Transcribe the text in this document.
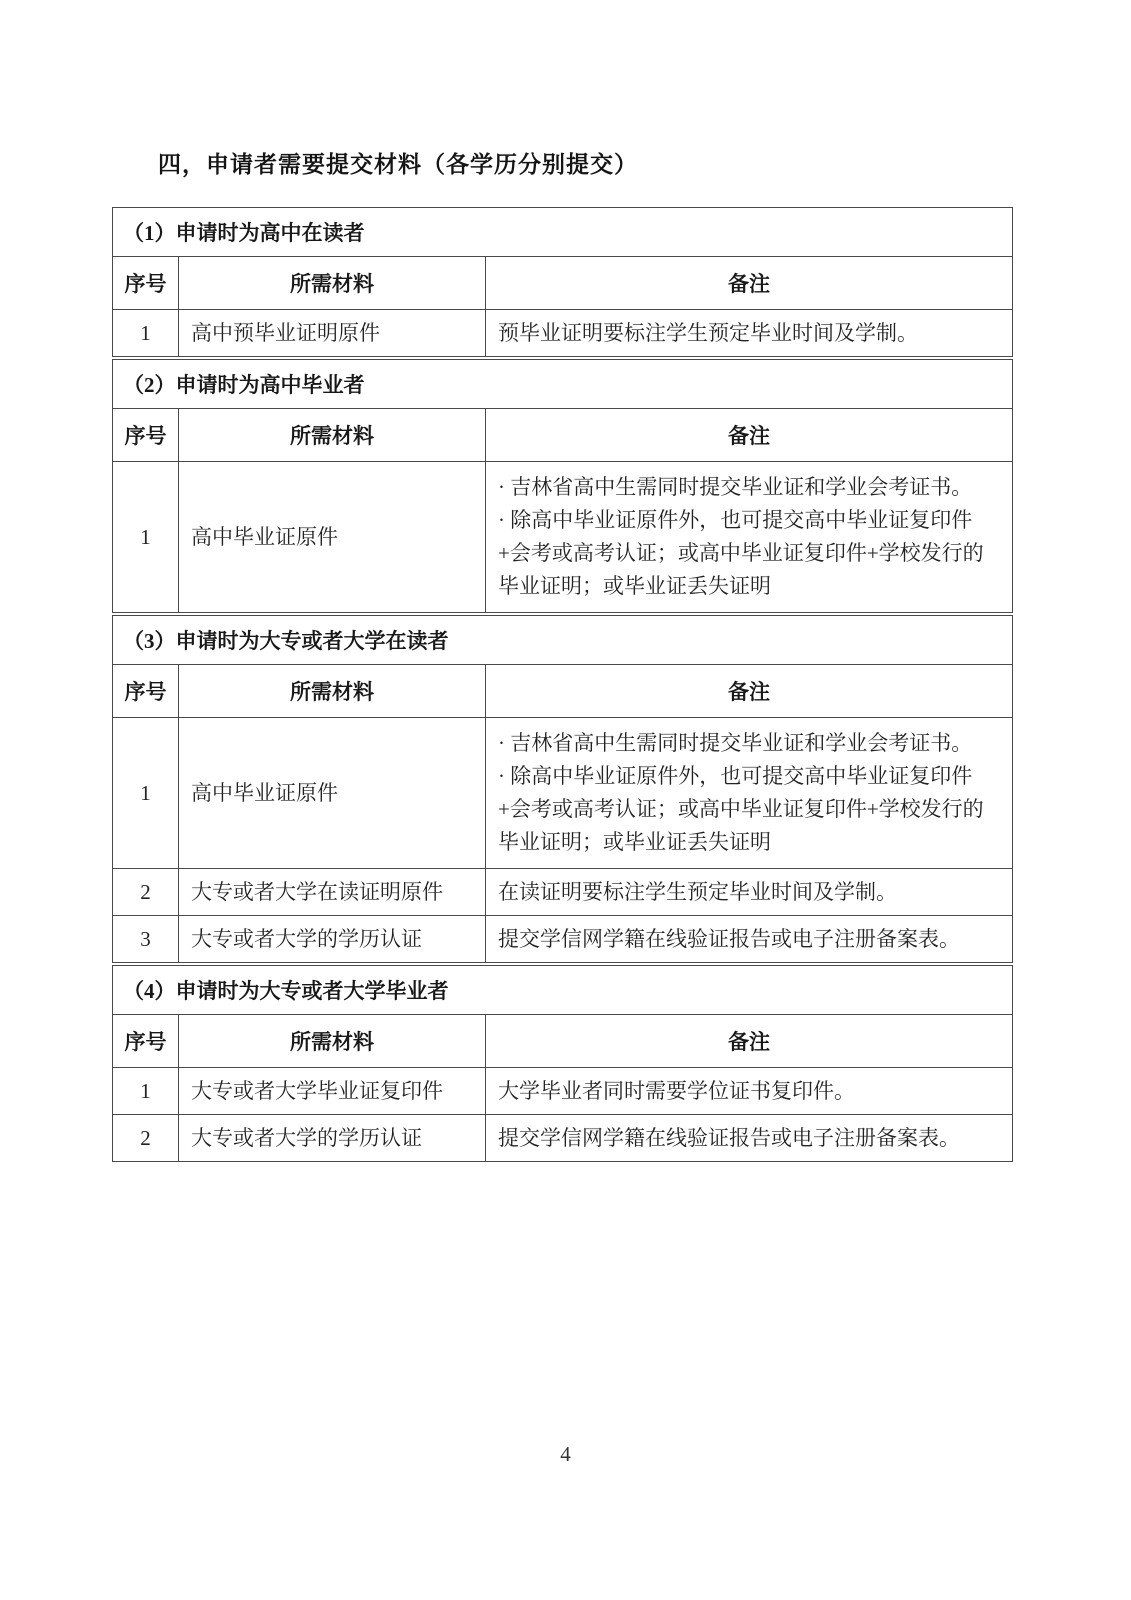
四，申请者需要提交材料（各学历分别提交）
（1）申请时为高中在读者		
序号	所需材料	备注
1	高中预毕业证明原件	预毕业证明要标注学生预定毕业时间及学制。
（2）申请时为高中毕业者		
序号	所需材料	备注
1	高中毕业证原件	· 吉林省高中生需同时提交毕业证和学业会考证书。
· 除高中毕业证原件外，也可提交高中毕业证复印件+会考或高考认证；或高中毕业证复印件+学校发行的毕业证明；或毕业证丢失证明

（3）申请时为大专或者大学在读者		
序号	所需材料	备注
1	高中毕业证原件	· 吉林省高中生需同时提交毕业证和学业会考证书。
· 除高中毕业证原件外，也可提交高中毕业证复印件+会考或高考认证；或高中毕业证复印件+学校发行的毕业证明；或毕业证丢失证明

2	大专或者大学在读证明原件	在读证明要标注学生预定毕业时间及学制。
3	大专或者大学的学历认证	提交学信网学籍在线验证报告或电子注册备案表。
（4）申请时为大专或者大学毕业者		
序号	所需材料	备注
1	大专或者大学毕业证复印件	大学毕业者同时需要学位证书复印件。
2	大专或者大学的学历认证	提交学信网学籍在线验证报告或电子注册备案表。
4
